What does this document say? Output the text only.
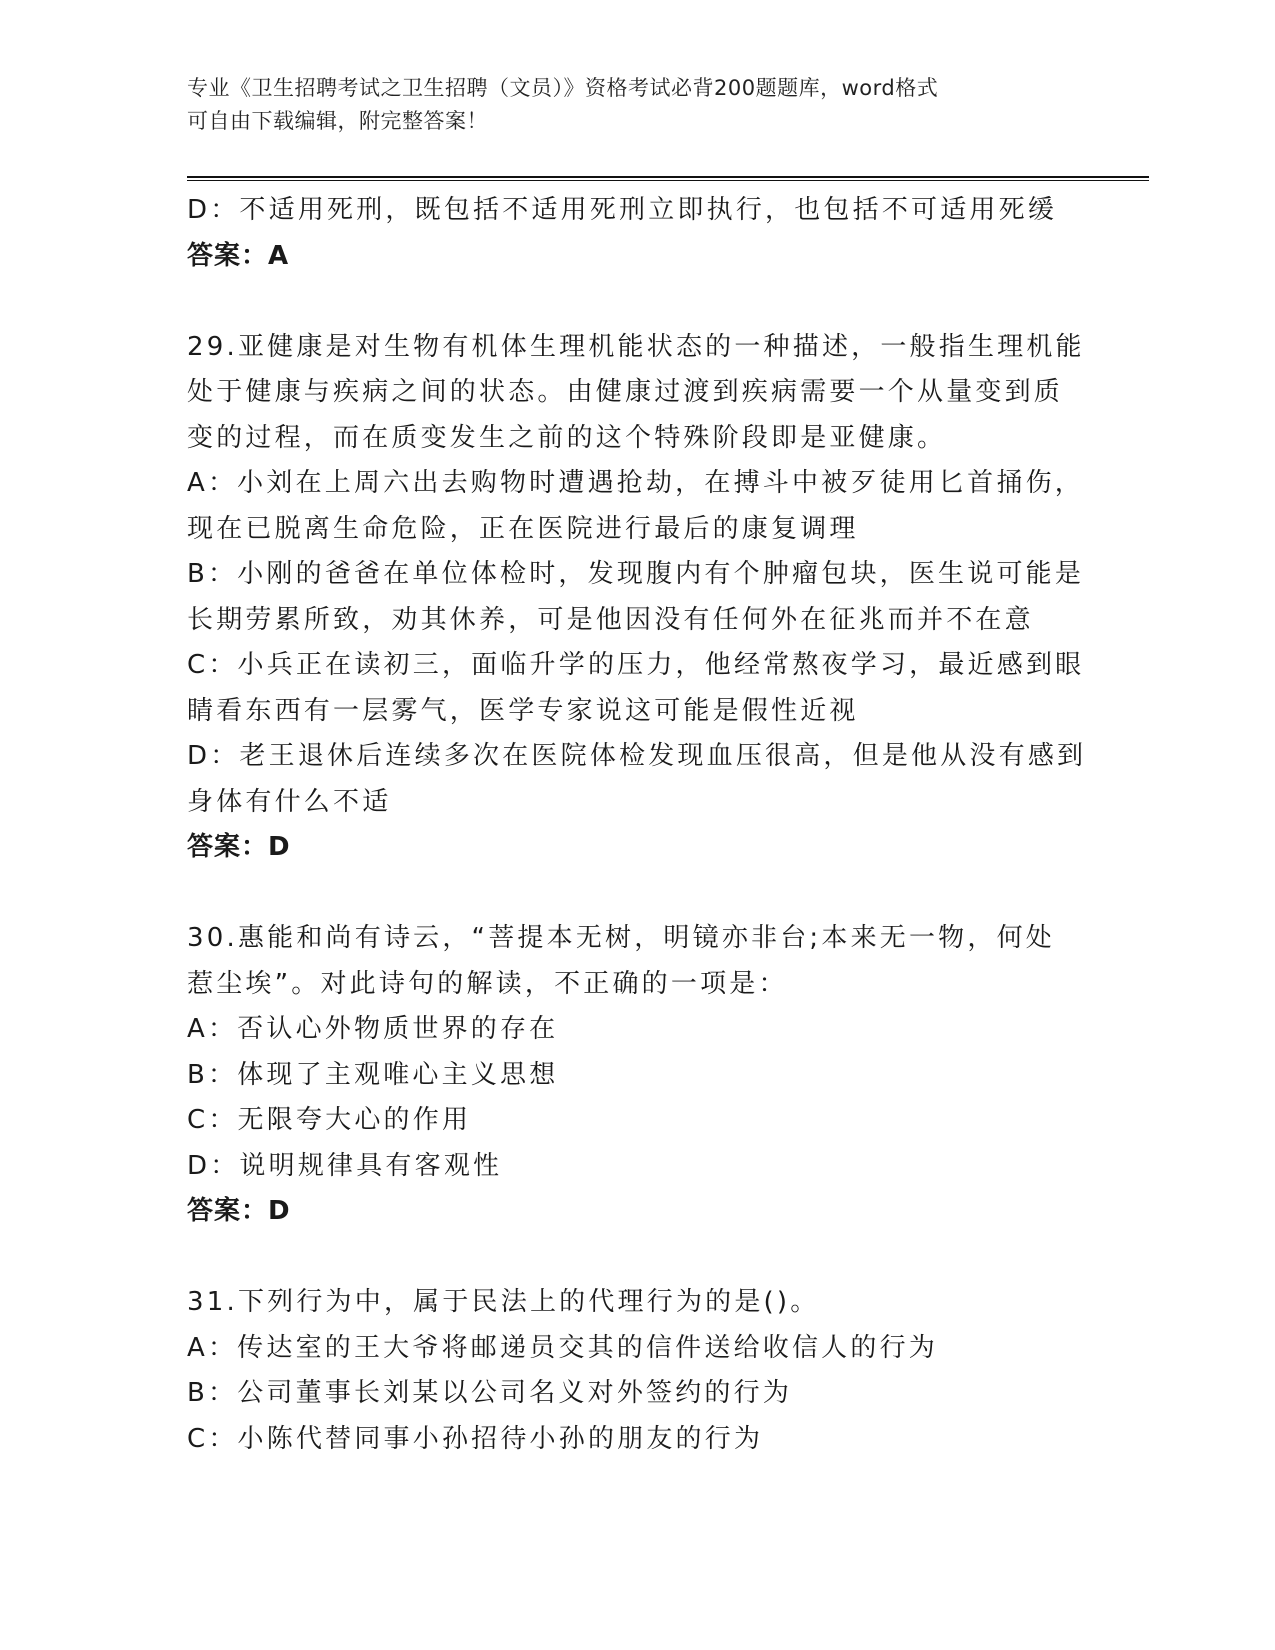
专业《卫生招聘考试之卫生招聘（文员）》资格考试必背200题题库，word格式
可自由下载编辑，附完整答案！
D：不适用死刑，既包括不适用死刑立即执行，也包括不可适用死缓
答案：A
29.亚健康是对生物有机体生理机能状态的一种描述，一般指生理机能
处于健康与疾病之间的状态。由健康过渡到疾病需要一个从量变到质
变的过程，而在质变发生之前的这个特殊阶段即是亚健康。
A：小刘在上周六出去购物时遭遇抢劫，在搏斗中被歹徒用匕首捅伤，
现在已脱离生命危险，正在医院进行最后的康复调理
B：小刚的爸爸在单位体检时，发现腹内有个肿瘤包块，医生说可能是
长期劳累所致，劝其休养，可是他因没有任何外在征兆而并不在意
C：小兵正在读初三，面临升学的压力，他经常熬夜学习，最近感到眼
睛看东西有一层雾气，医学专家说这可能是假性近视
D：老王退休后连续多次在医院体检发现血压很高，但是他从没有感到
身体有什么不适
答案：D
30.惠能和尚有诗云，“菩提本无树，明镜亦非台;本来无一物，何处
惹尘埃”。对此诗句的解读，不正确的一项是：
A：否认心外物质世界的存在
B：体现了主观唯心主义思想
C：无限夸大心的作用
D：说明规律具有客观性
答案：D
31.下列行为中，属于民法上的代理行为的是()。
A：传达室的王大爷将邮递员交其的信件送给收信人的行为
B：公司董事长刘某以公司名义对外签约的行为
C：小陈代替同事小孙招待小孙的朋友的行为
